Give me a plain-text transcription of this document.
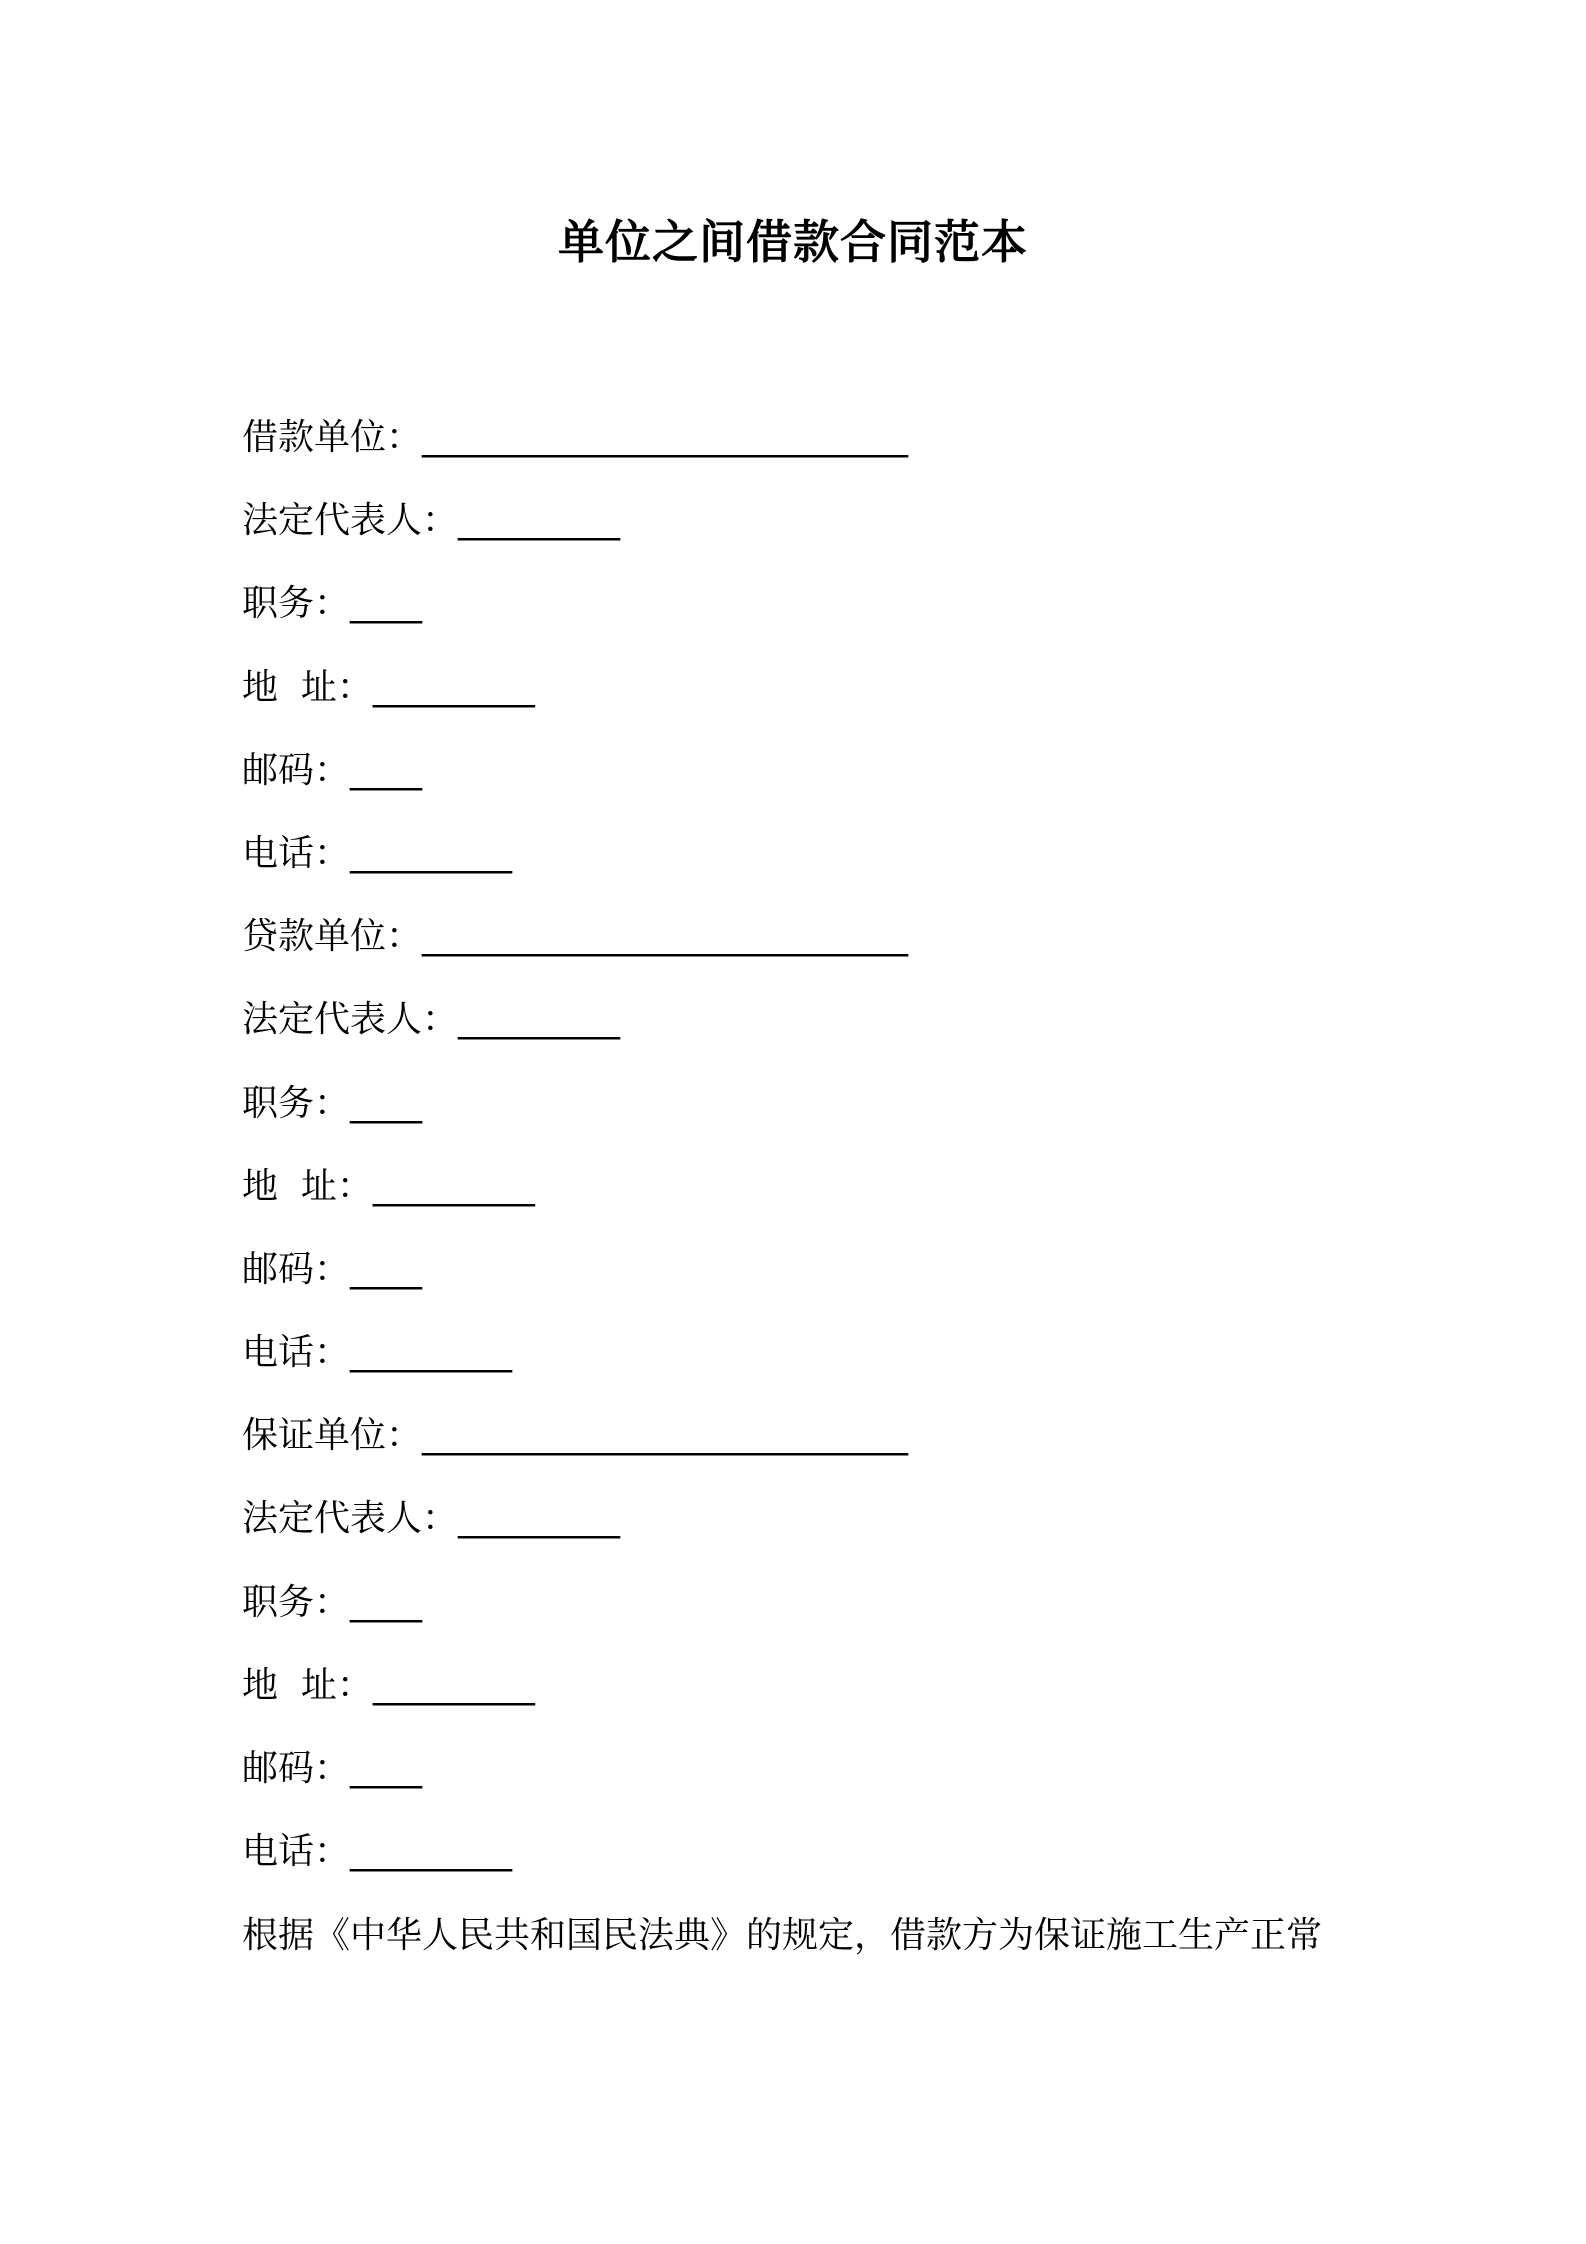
单位之间借款合同范本
借款单位：___________________________
法定代表人：_________
职务：____
地  址：_________
邮码：____
电话：_________
贷款单位：___________________________
法定代表人：_________
职务：____
地  址：_________
邮码：____
电话：_________
保证单位：___________________________
法定代表人：_________
职务：____
地  址：_________
邮码：____
电话：_________
根据《中华人民共和国民法典》的规定，借款方为保证施工生产正常
